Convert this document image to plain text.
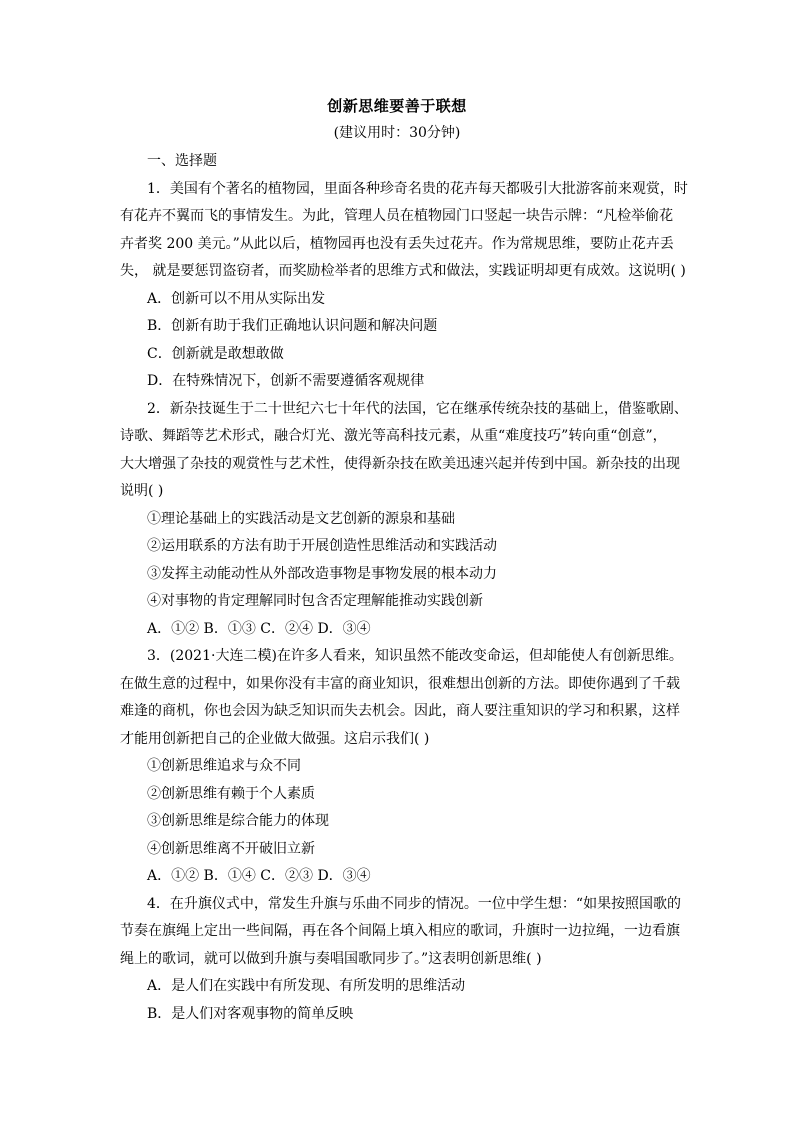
创新思维要善于联想
(建议用时：30分钟)
一、选择题
1．美国有个著名的植物园，里面各种珍奇名贵的花卉每天都吸引大批游客前来观赏，时
有花卉不翼而飞的事情发生。为此，管理人员在植物园门口竖起一块告示牌：“凡检举偷花
卉者奖 200 美元。”从此以后，植物园再也没有丢失过花卉。作为常规思维，要防止花卉丢
失， 就是要惩罚盗窃者，而奖励检举者的思维方式和做法，实践证明却更有成效。这说明( )
A．创新可以不用从实际出发
B．创新有助于我们正确地认识问题和解决问题
C．创新就是敢想敢做
D．在特殊情况下，创新不需要遵循客观规律
2．新杂技诞生于二十世纪六七十年代的法国，它在继承传统杂技的基础上，借鉴歌剧、
诗歌、舞蹈等艺术形式，融合灯光、激光等高科技元素，从重“难度技巧”转向重“创意”，
大大增强了杂技的观赏性与艺术性，使得新杂技在欧美迅速兴起并传到中国。新杂技的出现
说明( )
①理论基础上的实践活动是文艺创新的源泉和基础
②运用联系的方法有助于开展创造性思维活动和实践活动
③发挥主动能动性从外部改造事物是事物发展的根本动力
④对事物的肯定理解同时包含否定理解能推动实践创新
A．①② B．①③ C．②④ D．③④
3．(2021·大连二模)在许多人看来，知识虽然不能改变命运，但却能使人有创新思维。
在做生意的过程中，如果你没有丰富的商业知识，很难想出创新的方法。即使你遇到了千载
难逢的商机，你也会因为缺乏知识而失去机会。因此，商人要注重知识的学习和积累，这样
才能用创新把自己的企业做大做强。这启示我们( )
①创新思维追求与众不同
②创新思维有赖于个人素质
③创新思维是综合能力的体现
④创新思维离不开破旧立新
A．①② B．①④ C．②③ D．③④
4．在升旗仪式中，常发生升旗与乐曲不同步的情况。一位中学生想：“如果按照国歌的
节奏在旗绳上定出一些间隔，再在各个间隔上填入相应的歌词，升旗时一边拉绳，一边看旗
绳上的歌词，就可以做到升旗与奏唱国歌同步了。”这表明创新思维( )
A．是人们在实践中有所发现、有所发明的思维活动
B．是人们对客观事物的简单反映
